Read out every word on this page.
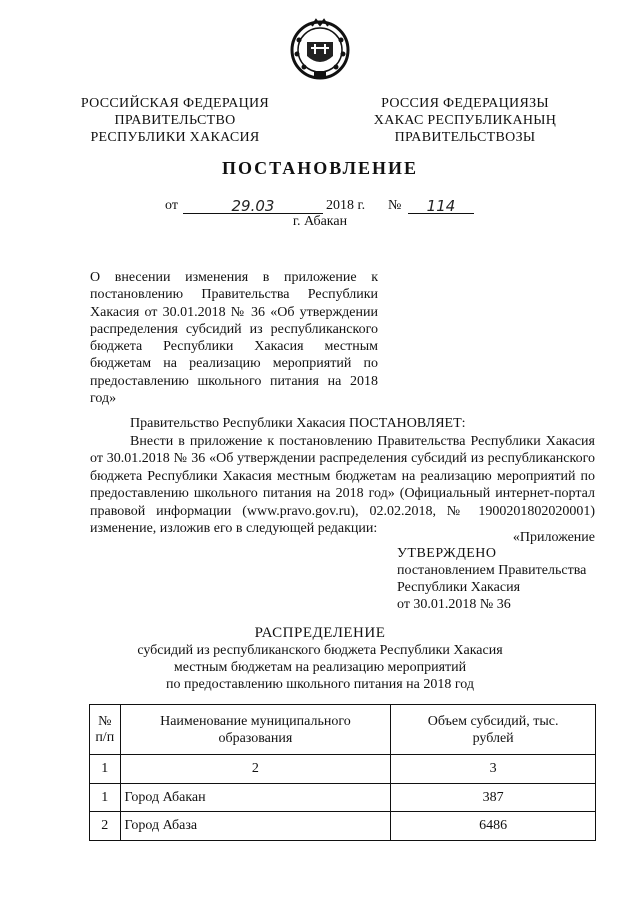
РОССИЙСКАЯ ФЕДЕРАЦИЯ
ПРАВИТЕЛЬСТВО
РЕСПУБЛИКИ ХАКАСИЯ
РОССИЯ ФЕДЕРАЦИЯЗЫ
ХАКАС РЕСПУБЛИКАНЫҢ
ПРАВИТЕЛЬСТВОЗЫ
ПОСТАНОВЛЕНИЕ
от	29.03	2018 г. №	114
г. Абакан
О внесении изменения в приложение к постановлению Правительства Республики Хакасия от 30.01.2018 № 36 «Об утверждении распределения субсидий из республиканского бюджета Республики Хакасия местным бюджетам на реализацию мероприятий по предоставлению школьного питания на 2018 год»
Правительство Республики Хакасия ПОСТАНОВЛЯЕТ:
Внести в приложение к постановлению Правительства Республики Хакасия
от 30.01.2018 № 36 «Об утверждении распределения субсидий из республиканского бюджета Республики Хакасия местным бюджетам на реализацию мероприятий по предоставлению школьного питания на 2018 год» (Официальный интернет-портал правовой информации (www.pravo.gov.ru), 02.02.2018, № 1900201802020001) изменение, изложив его в следующей редакции:
«Приложение
УТВЕРЖДЕНО
постановлением Правительства
Республики Хакасия
от 30.01.2018 № 36
РАСПРЕДЕЛЕНИЕ
субсидий из республиканского бюджета Республики Хакасия
местным бюджетам на реализацию мероприятий
по предоставлению школьного питания на 2018 год
№ п/п	Наименование муниципального образования	Объем субсидий, тыс. рублей
1	2	3
1	Город Абакан	387
2	Город Абаза	6486
